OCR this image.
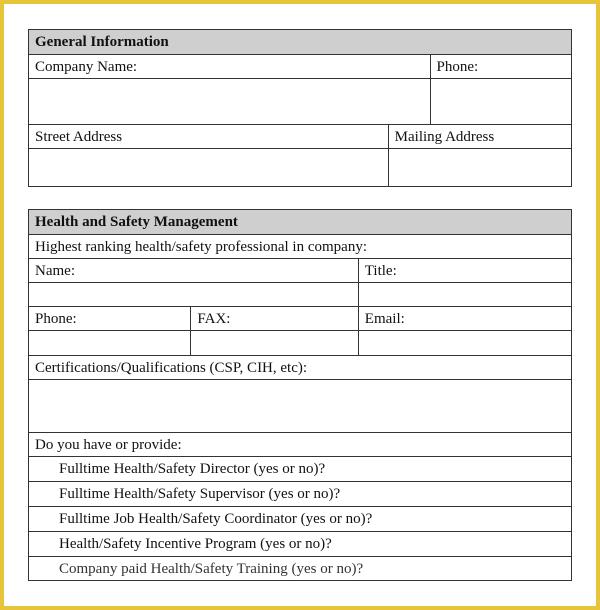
General Information
Company Name:	Phone:
Street Address	Mailing Address
Health and Safety Management
Highest ranking health/safety professional in company:
Name:	Title:
Phone:	FAX:	Email:
Certifications/Qualifications (CSP, CIH, etc):
Do you have or provide:
Fulltime Health/Safety Director (yes or no)?
Fulltime Health/Safety Supervisor (yes or no)?
Fulltime Job Health/Safety Coordinator (yes or no)?
Health/Safety Incentive Program (yes or no)?
Company paid Health/Safety Training (yes or no)?
